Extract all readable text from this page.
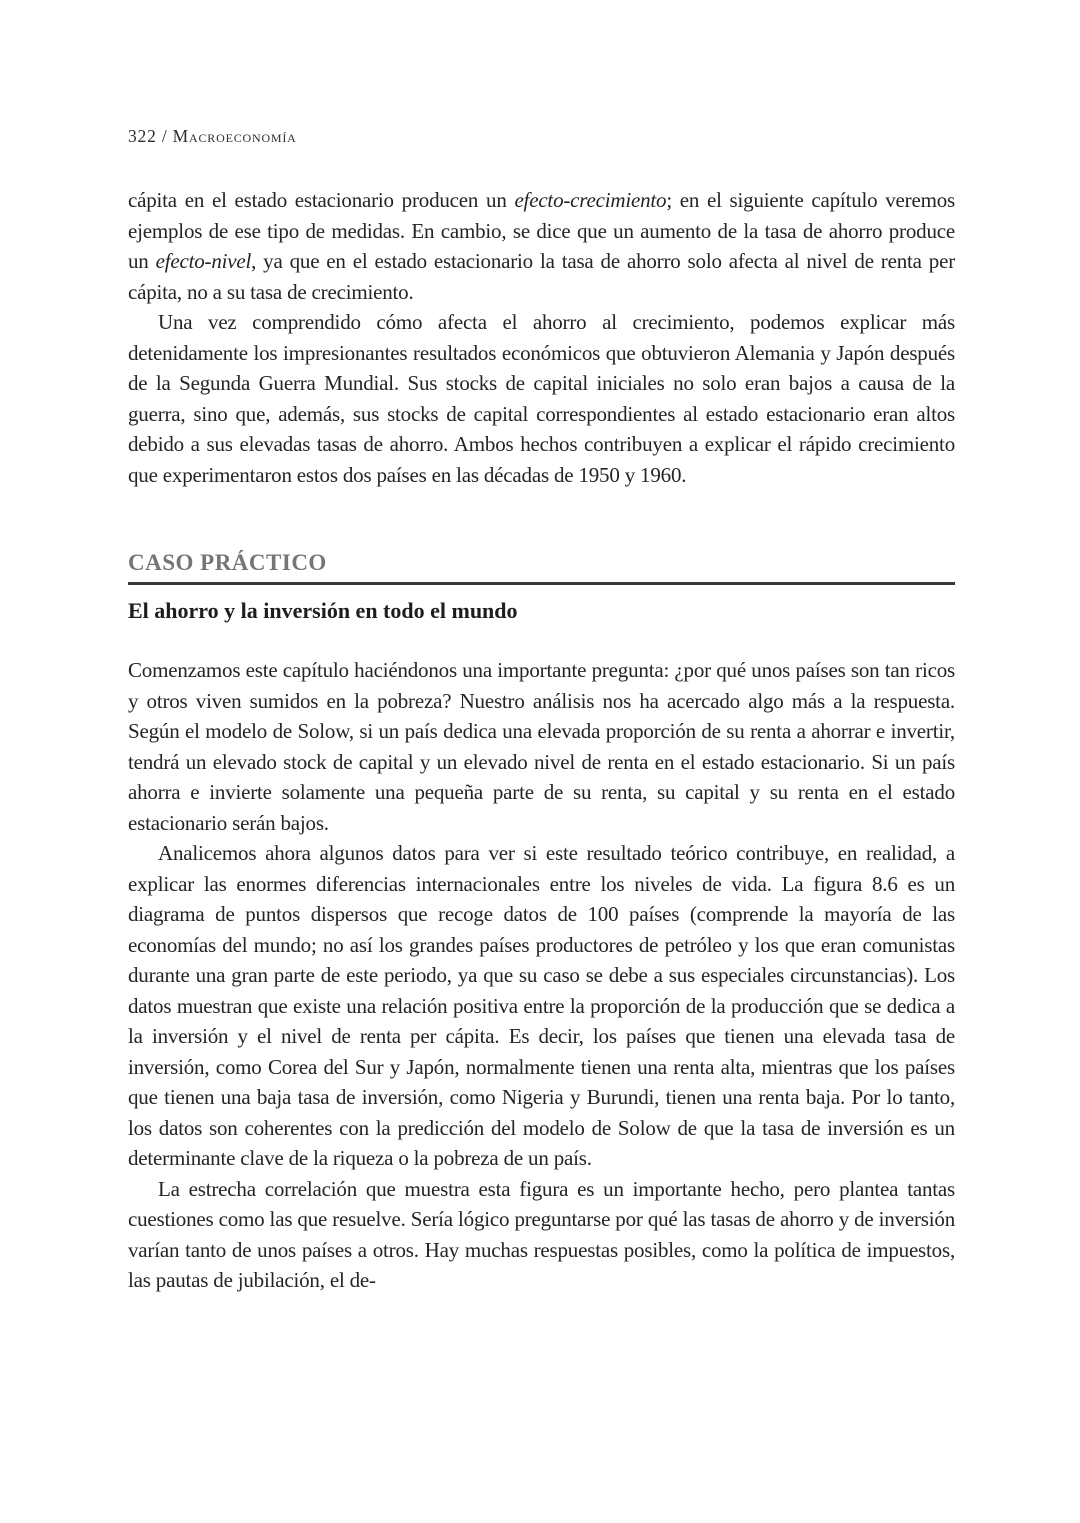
322 / Macroeconomía

cápita en el estado estacionario producen un efecto-crecimiento; en el siguiente capítulo veremos ejemplos de ese tipo de medidas. En cambio, se dice que un aumento de la tasa de ahorro produce un efecto-nivel, ya que en el estado estacionario la tasa de ahorro solo afecta al nivel de renta per cápita, no a su tasa de crecimiento.

Una vez comprendido cómo afecta el ahorro al crecimiento, podemos explicar más detenidamente los impresionantes resultados económicos que obtuvieron Alemania y Japón después de la Segunda Guerra Mundial. Sus stocks de capital iniciales no solo eran bajos a causa de la guerra, sino que, además, sus stocks de capital correspondientes al estado estacionario eran altos debido a sus elevadas tasas de ahorro. Ambos hechos contribuyen a explicar el rápido crecimiento que experimentaron estos dos países en las décadas de 1950 y 1960.

CASO PRÁCTICO
El ahorro y la inversión en todo el mundo

Comenzamos este capítulo haciéndonos una importante pregunta: ¿por qué unos países son tan ricos y otros viven sumidos en la pobreza? Nuestro análisis nos ha acercado algo más a la respuesta. Según el modelo de Solow, si un país dedica una elevada proporción de su renta a ahorrar e invertir, tendrá un elevado stock de capital y un elevado nivel de renta en el estado estacionario. Si un país ahorra e invierte solamente una pequeña parte de su renta, su capital y su renta en el estado estacionario serán bajos.

Analicemos ahora algunos datos para ver si este resultado teórico contribuye, en realidad, a explicar las enormes diferencias internacionales entre los niveles de vida. La figura 8.6 es un diagrama de puntos dispersos que recoge datos de 100 países (comprende la mayoría de las economías del mundo; no así los grandes países productores de petróleo y los que eran comunistas durante una gran parte de este periodo, ya que su caso se debe a sus especiales circunstancias). Los datos muestran que existe una relación positiva entre la proporción de la producción que se dedica a la inversión y el nivel de renta per cápita. Es decir, los países que tienen una elevada tasa de inversión, como Corea del Sur y Japón, normalmente tienen una renta alta, mientras que los países que tienen una baja tasa de inversión, como Nigeria y Burundi, tienen una renta baja. Por lo tanto, los datos son coherentes con la predicción del modelo de Solow de que la tasa de inversión es un determinante clave de la riqueza o la pobreza de un país.

La estrecha correlación que muestra esta figura es un importante hecho, pero plantea tantas cuestiones como las que resuelve. Sería lógico preguntarse por qué las tasas de ahorro y de inversión varían tanto de unos países a otros. Hay muchas respuestas posibles, como la política de impuestos, las pautas de jubilación, el de-
